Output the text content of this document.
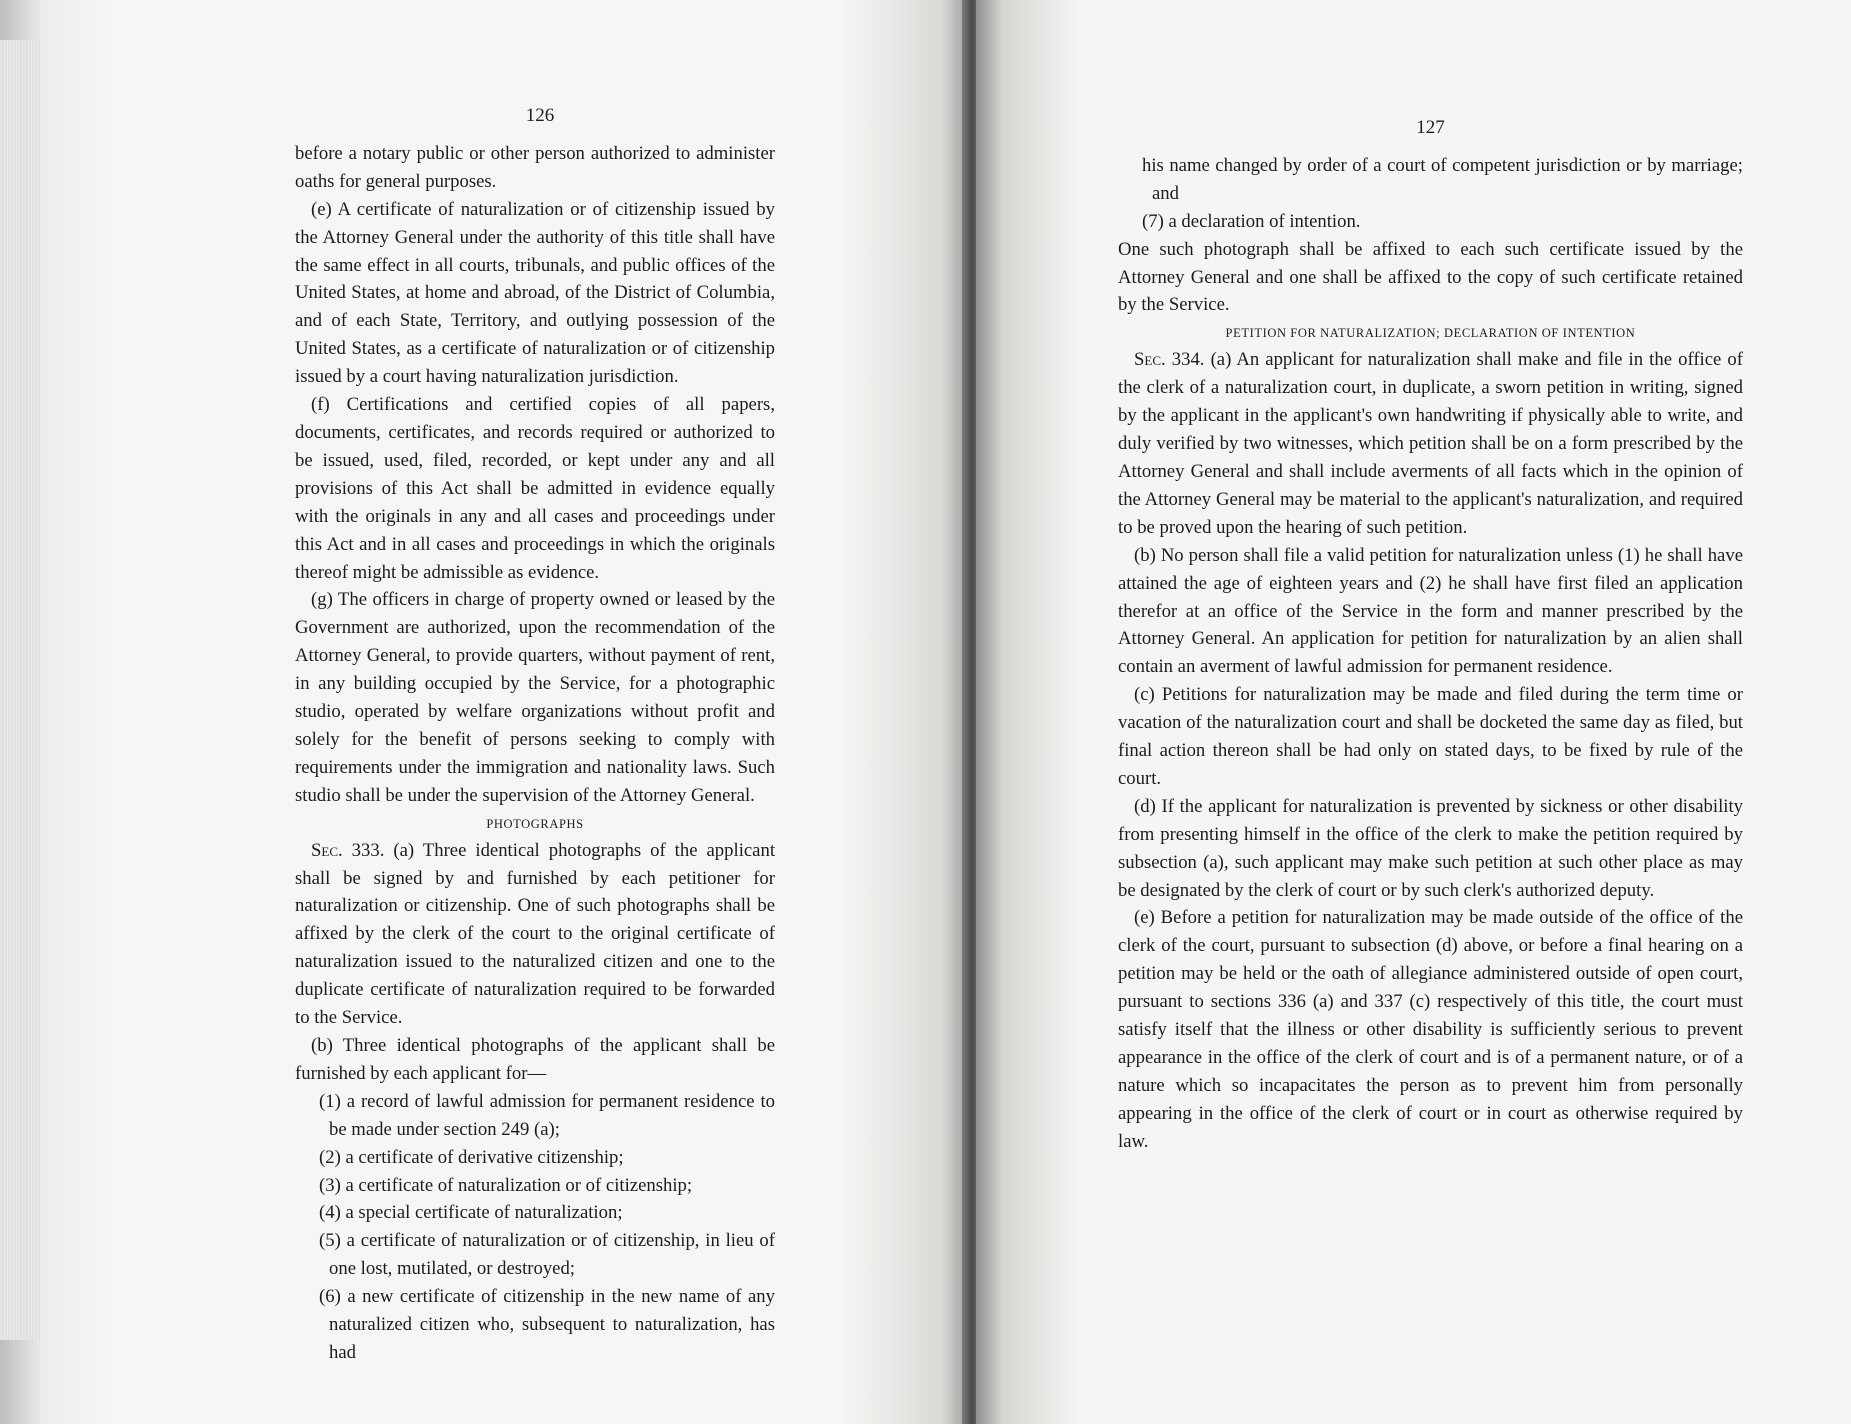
126

before a notary public or other person authorized to administer oaths for general purposes.

(e) A certificate of naturalization or of citizenship issued by the Attorney General under the authority of this title shall have the same effect in all courts, tribunals, and public offices of the United States, at home and abroad, of the District of Columbia, and of each State, Territory, and outlying possession of the United States, as a certificate of naturalization or of citizenship issued by a court having naturalization jurisdiction.

(f) Certifications and certified copies of all papers, documents, certificates, and records required or authorized to be issued, used, filed, recorded, or kept under any and all provisions of this Act shall be admitted in evidence equally with the originals in any and all cases and proceedings under this Act and in all cases and proceedings in which the originals thereof might be admissible as evidence.

(g) The officers in charge of property owned or leased by the Government are authorized, upon the recommendation of the Attorney General, to provide quarters, without payment of rent, in any building occupied by the Service, for a photographic studio, operated by welfare organizations without profit and solely for the benefit of persons seeking to comply with requirements under the immigration and nationality laws. Such studio shall be under the supervision of the Attorney General.

PHOTOGRAPHS

Sec. 333. (a) Three identical photographs of the applicant shall be signed by and furnished by each petitioner for naturalization or citizenship. One of such photographs shall be affixed by the clerk of the court to the original certificate of naturalization issued to the naturalized citizen and one to the duplicate certificate of naturalization required to be forwarded to the Service.

(b) Three identical photographs of the applicant shall be furnished by each applicant for—

(1) a record of lawful admission for permanent residence to be made under section 249 (a);

(2) a certificate of derivative citizenship;

(3) a certificate of naturalization or of citizenship;

(4) a special certificate of naturalization;

(5) a certificate of naturalization or of citizenship, in lieu of one lost, mutilated, or destroyed;

(6) a new certificate of citizenship in the new name of any naturalized citizen who, subsequent to naturalization, has had

127

his name changed by order of a court of competent jurisdiction or by marriage; and

(7) a declaration of intention.

One such photograph shall be affixed to each such certificate issued by the Attorney General and one shall be affixed to the copy of such certificate retained by the Service.

PETITION FOR NATURALIZATION; DECLARATION OF INTENTION

Sec. 334. (a) An applicant for naturalization shall make and file in the office of the clerk of a naturalization court, in duplicate, a sworn petition in writing, signed by the applicant in the applicant's own handwriting if physically able to write, and duly verified by two witnesses, which petition shall be on a form prescribed by the Attorney General and shall include averments of all facts which in the opinion of the Attorney General may be material to the applicant's naturalization, and required to be proved upon the hearing of such petition.

(b) No person shall file a valid petition for naturalization unless (1) he shall have attained the age of eighteen years and (2) he shall have first filed an application therefor at an office of the Service in the form and manner prescribed by the Attorney General. An application for petition for naturalization by an alien shall contain an averment of lawful admission for permanent residence.

(c) Petitions for naturalization may be made and filed during the term time or vacation of the naturalization court and shall be docketed the same day as filed, but final action thereon shall be had only on stated days, to be fixed by rule of the court.

(d) If the applicant for naturalization is prevented by sickness or other disability from presenting himself in the office of the clerk to make the petition required by subsection (a), such applicant may make such petition at such other place as may be designated by the clerk of court or by such clerk's authorized deputy.

(e) Before a petition for naturalization may be made outside of the office of the clerk of the court, pursuant to subsection (d) above, or before a final hearing on a petition may be held or the oath of allegiance administered outside of open court, pursuant to sections 336 (a) and 337 (c) respectively of this title, the court must satisfy itself that the illness or other disability is sufficiently serious to prevent appearance in the office of the clerk of court and is of a permanent nature, or of a nature which so incapacitates the person as to prevent him from personally appearing in the office of the clerk of court or in court as otherwise required by law.
